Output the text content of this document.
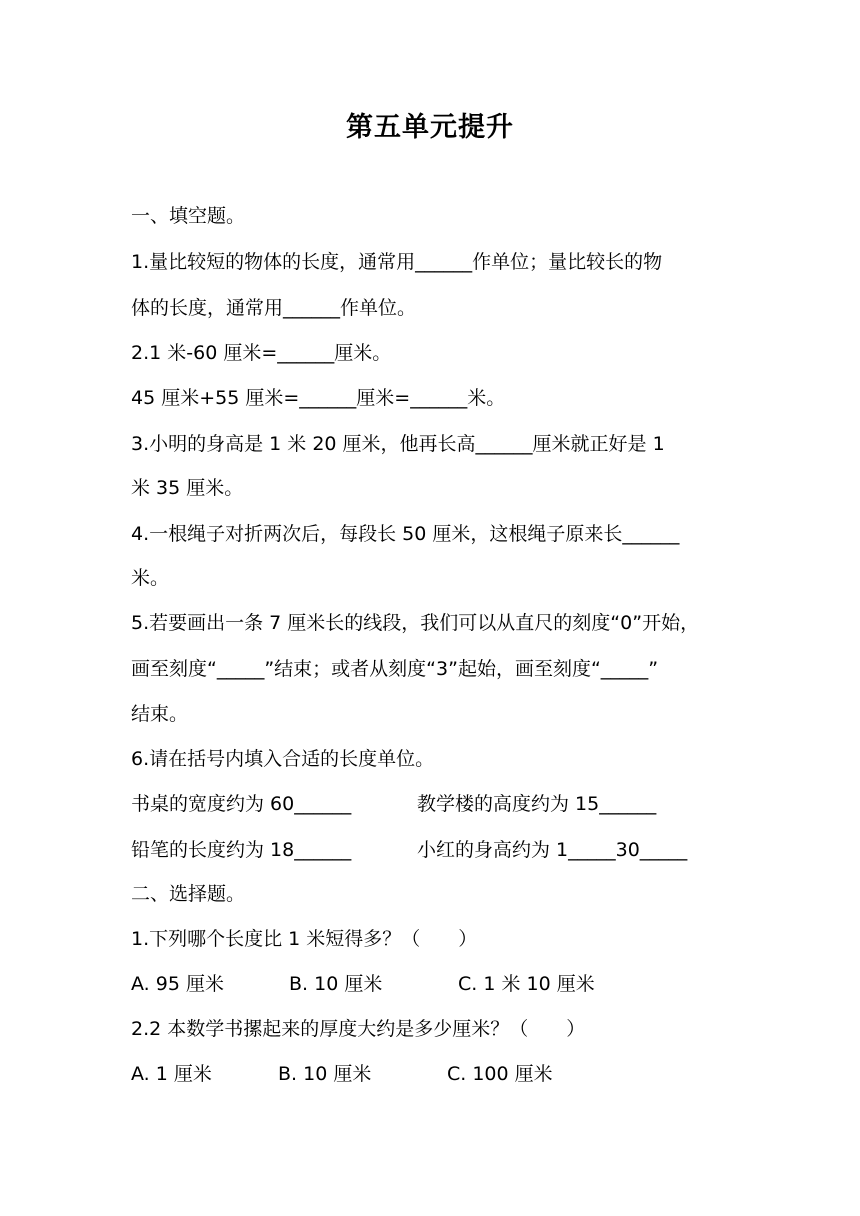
第五单元提升
一、填空题。
1.量比较短的物体的长度，通常用______作单位；量比较长的物
体的长度，通常用______作单位。
2.1 米-60 厘米=______厘米。
45 厘米+55 厘米=______厘米=______米。
3.小明的身高是 1 米 20 厘米，他再长高______厘米就正好是 1
米 35 厘米。
4.一根绳子对折两次后，每段长 50 厘米，这根绳子原来长______
米。
5.若要画出一条 7 厘米长的线段，我们可以从直尺的刻度“0”开始，
画至刻度“_____”结束；或者从刻度“3”起始，画至刻度“_____”
结束。
6.请在括号内填入合适的长度单位。
书桌的宽度约为 60______	教学楼的高度约为 15______
铅笔的长度约为 18______	小红的身高约为 1_____30_____
二、选择题。
1.下列哪个长度比 1 米短得多？（　　）
A. 95 厘米	B. 10 厘米	C. 1 米 10 厘米
2.2 本数学书摞起来的厚度大约是多少厘米？（　　）
A. 1 厘米	B. 10 厘米	C. 100 厘米
